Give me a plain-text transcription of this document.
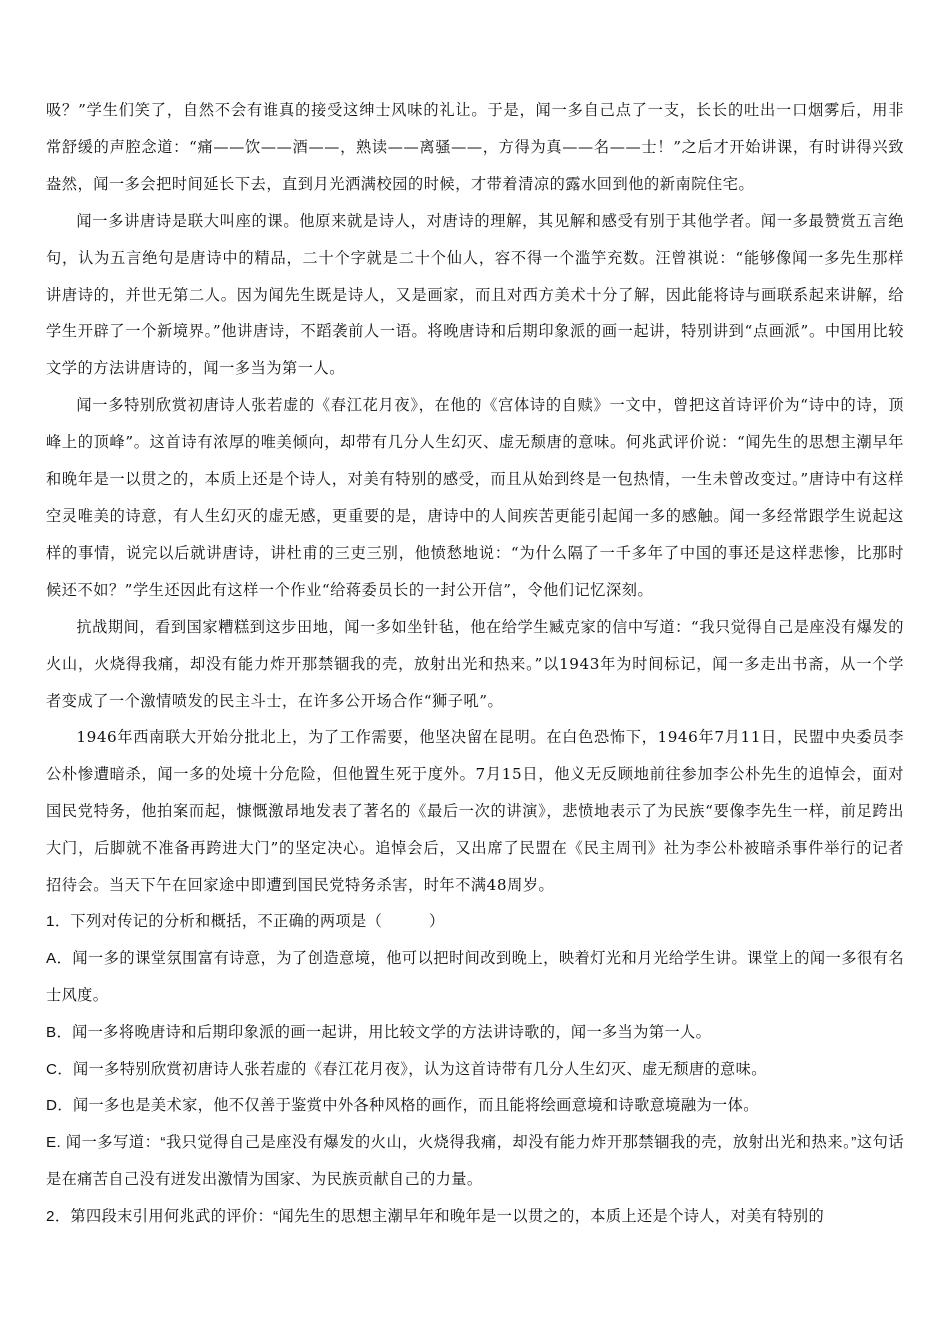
吸？”学生们笑了，自然不会有谁真的接受这绅士风味的礼让。于是，闻一多自己点了一支，长长的吐出一口烟雾后，用非常舒缓的声腔念道：“痛——饮——酒——，熟读——离骚——，方得为真——名——士！”之后才开始讲课，有时讲得兴致盎然，闻一多会把时间延长下去，直到月光洒满校园的时候，才带着清凉的露水回到他的新南院住宅。

闻一多讲唐诗是联大叫座的课。他原来就是诗人，对唐诗的理解，其见解和感受有别于其他学者。闻一多最赞赏五言绝句，认为五言绝句是唐诗中的精品，二十个字就是二十个仙人，容不得一个滥竽充数。汪曾祺说：“能够像闻一多先生那样讲唐诗的，并世无第二人。因为闻先生既是诗人，又是画家，而且对西方美术十分了解，因此能将诗与画联系起来讲解，给学生开辟了一个新境界。”他讲唐诗，不蹈袭前人一语。将晚唐诗和后期印象派的画一起讲，特别讲到“点画派”。中国用比较文学的方法讲唐诗的，闻一多当为第一人。

闻一多特别欣赏初唐诗人张若虚的《春江花月夜》，在他的《宫体诗的自赎》一文中，曾把这首诗评价为“诗中的诗，顶峰上的顶峰”。这首诗有浓厚的唯美倾向，却带有几分人生幻灭、虚无颓唐的意味。何兆武评价说：“闻先生的思想主潮早年和晚年是一以贯之的，本质上还是个诗人，对美有特别的感受，而且从始到终是一包热情，一生未曾改变过。”唐诗中有这样空灵唯美的诗意，有人生幻灭的虚无感，更重要的是，唐诗中的人间疾苦更能引起闻一多的感触。闻一多经常跟学生说起这样的事情，说完以后就讲唐诗，讲杜甫的三吏三别，他愤愁地说：“为什么隔了一千多年了中国的事还是这样悲惨，比那时候还不如？”学生还因此有这样一个作业“给蒋委员长的一封公开信”，令他们记忆深刻。

抗战期间，看到国家糟糕到这步田地，闻一多如坐针毡，他在给学生臧克家的信中写道：“我只觉得自己是座没有爆发的火山，火烧得我痛，却没有能力炸开那禁锢我的壳，放射出光和热来。”以1943年为时间标记，闻一多走出书斋，从一个学者变成了一个激情喷发的民主斗士，在许多公开场合作“狮子吼”。

1946年西南联大开始分批北上，为了工作需要，他坚决留在昆明。在白色恐怖下，1946年7月11日，民盟中央委员李公朴惨遭暗杀，闻一多的处境十分危险，但他置生死于度外。7月15日，他义无反顾地前往参加李公朴先生的追悼会，面对国民党特务，他拍案而起，慷慨激昂地发表了著名的《最后一次的讲演》，悲愤地表示了为民族“要像李先生一样，前足跨出大门，后脚就不准备再跨进大门”的坚定决心。追悼会后，又出席了民盟在《民主周刊》社为李公朴被暗杀事件举行的记者招待会。当天下午在回家途中即遭到国民党特务杀害，时年不满48周岁。

1．下列对传记的分析和概括，不正确的两项是（　　　）

A．闻一多的课堂氛围富有诗意，为了创造意境，他可以把时间改到晚上，映着灯光和月光给学生讲。课堂上的闻一多很有名士风度。

B．闻一多将晚唐诗和后期印象派的画一起讲，用比较文学的方法讲诗歌的，闻一多当为第一人。

C．闻一多特别欣赏初唐诗人张若虚的《春江花月夜》，认为这首诗带有几分人生幻灭、虚无颓唐的意味。

D．闻一多也是美术家，他不仅善于鉴赏中外各种风格的画作，而且能将绘画意境和诗歌意境融为一体。

E. 闻一多写道：“我只觉得自己是座没有爆发的火山，火烧得我痛，却没有能力炸开那禁锢我的壳，放射出光和热来。”这句话是在痛苦自己没有迸发出激情为国家、为民族贡献自己的力量。

2．第四段末引用何兆武的评价：“闻先生的思想主潮早年和晚年是一以贯之的，本质上还是个诗人，对美有特别的
